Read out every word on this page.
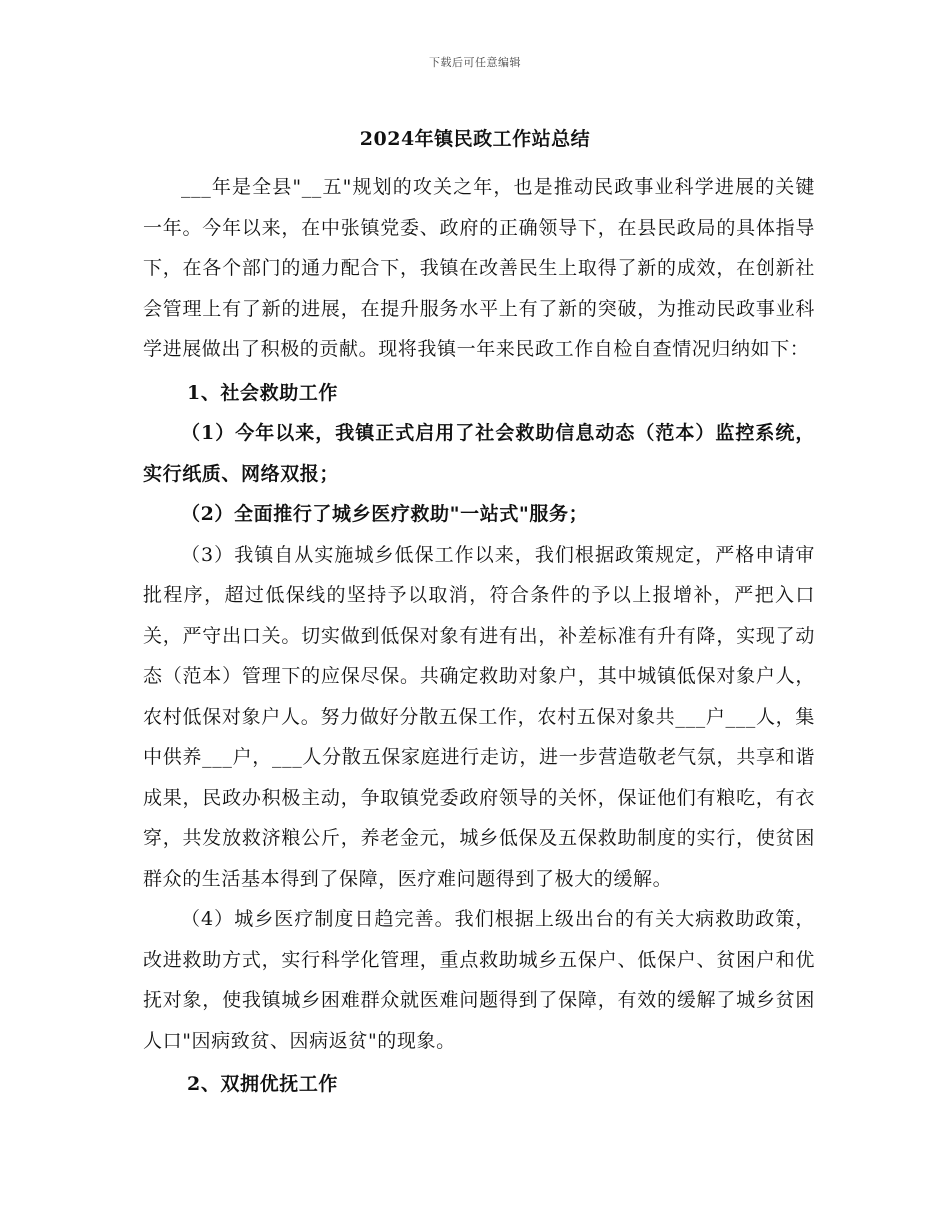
下载后可任意编辑
2024年镇民政工作站总结

___年是全县"__五"规划的攻关之年，也是推动民政事业科学进展的关键一年。今年以来，在中张镇党委、政府的正确领导下，在县民政局的具体指导下，在各个部门的通力配合下，我镇在改善民生上取得了新的成效，在创新社会管理上有了新的进展，在提升服务水平上有了新的突破，为推动民政事业科学进展做出了积极的贡献。现将我镇一年来民政工作自检自查情况归纳如下：

1、社会救助工作

（1）今年以来，我镇正式启用了社会救助信息动态（范本）监控系统，实行纸质、网络双报；

（2）全面推行了城乡医疗救助"一站式"服务；

（3）我镇自从实施城乡低保工作以来，我们根据政策规定，严格申请审批程序，超过低保线的坚持予以取消，符合条件的予以上报增补，严把入口关，严守出口关。切实做到低保对象有进有出，补差标准有升有降，实现了动态（范本）管理下的应保尽保。共确定救助对象户，其中城镇低保对象户人，农村低保对象户人。努力做好分散五保工作，农村五保对象共___户___人，集中供养___户，___人分散五保家庭进行走访，进一步营造敬老气氛，共享和谐成果，民政办积极主动，争取镇党委政府领导的关怀，保证他们有粮吃，有衣穿，共发放救济粮公斤，养老金元，城乡低保及五保救助制度的实行，使贫困群众的生活基本得到了保障，医疗难问题得到了极大的缓解。

（4）城乡医疗制度日趋完善。我们根据上级出台的有关大病救助政策，改进救助方式，实行科学化管理，重点救助城乡五保户、低保户、贫困户和优抚对象，使我镇城乡困难群众就医难问题得到了保障，有效的缓解了城乡贫困人口"因病致贫、因病返贫"的现象。

2、双拥优抚工作
